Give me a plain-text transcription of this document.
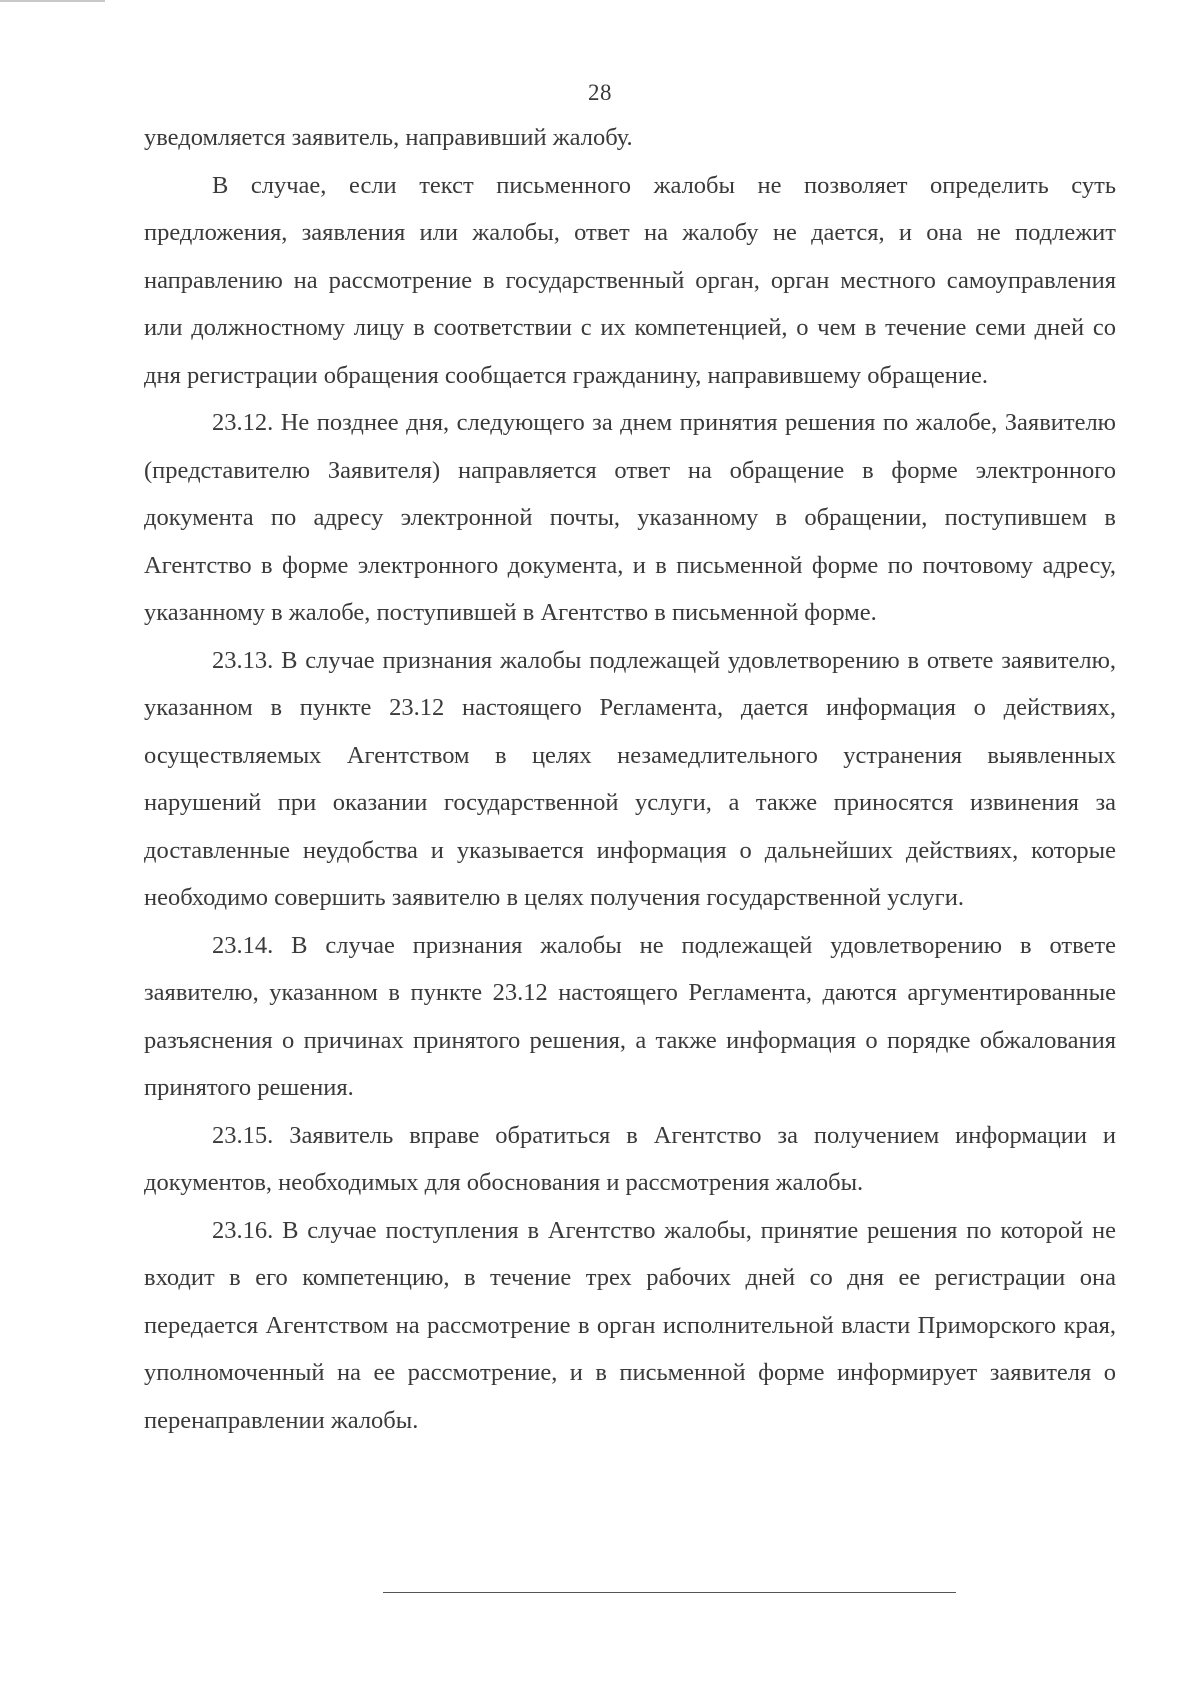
28

уведомляется заявитель, направивший жалобу.

В случае, если текст письменного жалобы не позволяет определить суть предложения, заявления или жалобы, ответ на жалобу не дается, и она не подлежит направлению на рассмотрение в государственный орган, орган местного самоуправления или должностному лицу в соответствии с их компетенцией, о чем в течение семи дней со дня регистрации обращения сообщается гражданину, направившему обращение.

23.12. Не позднее дня, следующего за днем принятия решения по жалобе, Заявителю (представителю Заявителя) направляется ответ на обращение в форме электронного документа по адресу электронной почты, указанному в обращении, поступившем в Агентство в форме электронного документа, и в письменной форме по почтовому адресу, указанному в жалобе, поступившей в Агентство в письменной форме.

23.13. В случае признания жалобы подлежащей удовлетворению в ответе заявителю, указанном в пункте 23.12 настоящего Регламента, дается информация о действиях, осуществляемых Агентством в целях незамедлительного устранения выявленных нарушений при оказании государственной услуги, а также приносятся извинения за доставленные неудобства и указывается информация о дальнейших действиях, которые необходимо совершить заявителю в целях получения государственной услуги.

23.14. В случае признания жалобы не подлежащей удовлетворению в ответе заявителю, указанном в пункте 23.12 настоящего Регламента, даются аргументированные разъяснения о причинах принятого решения, а также информация о порядке обжалования принятого решения.

23.15. Заявитель вправе обратиться в Агентство за получением информации и документов, необходимых для обоснования и рассмотрения жалобы.

23.16. В случае поступления в Агентство жалобы, принятие решения по которой не входит в его компетенцию, в течение трех рабочих дней со дня ее регистрации она передается Агентством на рассмотрение в орган исполнительной власти Приморского края, уполномоченный на ее рассмотрение, и в письменной форме информирует заявителя о перенаправлении жалобы.
